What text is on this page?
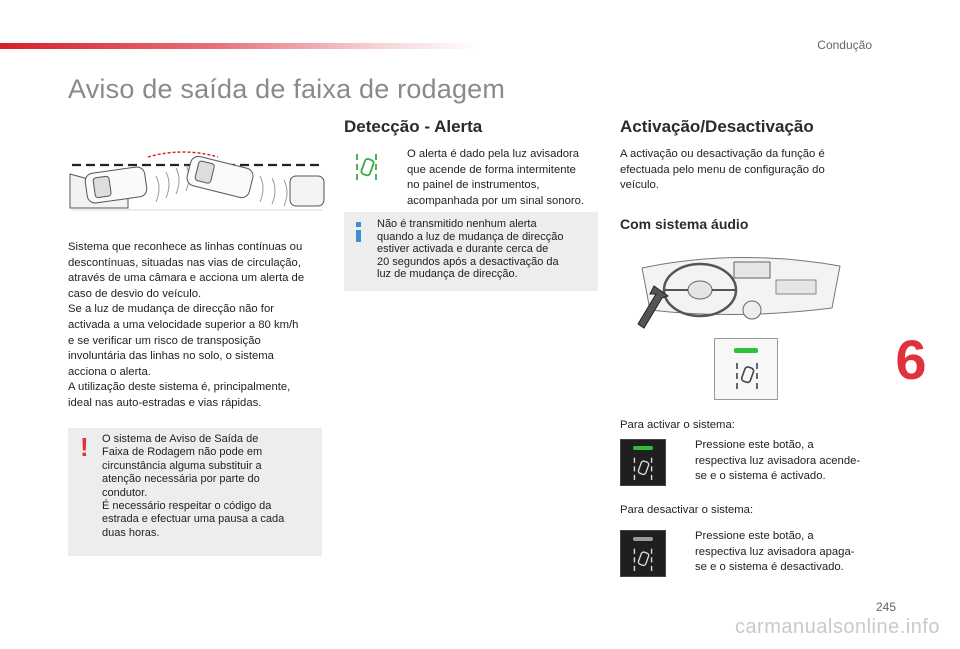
Condução
Aviso de saída de faixa de rodagem
Sistema que reconhece as linhas contínuas ou
descontínuas, situadas nas vias de circulação,
através de uma câmara e acciona um alerta de
caso de desvio do veículo.
Se a luz de mudança de direcção não for
activada a uma velocidade superior a 80 km/h
e se verificar um risco de transposição
involuntária das linhas no solo, o sistema
acciona o alerta.
A utilização deste sistema é, principalmente,
ideal nas auto-estradas e vias rápidas.
! O sistema de Aviso de Saída de
Faixa de Rodagem não pode em
circunstância alguma substituir a
atenção necessária por parte do
condutor.
É necessário respeitar o código da
estrada e efectuar uma pausa a cada
duas horas.
Detecção - Alerta
O alerta é dado pela luz avisadora
que acende de forma intermitente
no painel de instrumentos,
acompanhada por um sinal sonoro.
Não é transmitido nenhum alerta
quando a luz de mudança de direcção
estiver activada e durante cerca de
20 segundos após a desactivação da
luz de mudança de direcção.
Activação/Desactivação
A activação ou desactivação da função é
efectuada pelo menu de configuração do
veículo.
Com sistema áudio
Para activar o sistema:
Pressione este botão, a
respectiva luz avisadora acende-
se e o sistema é activado.
Para desactivar o sistema:
Pressione este botão, a
respectiva luz avisadora apaga-
se e o sistema é desactivado.
6
245
carmanualsonline.info
